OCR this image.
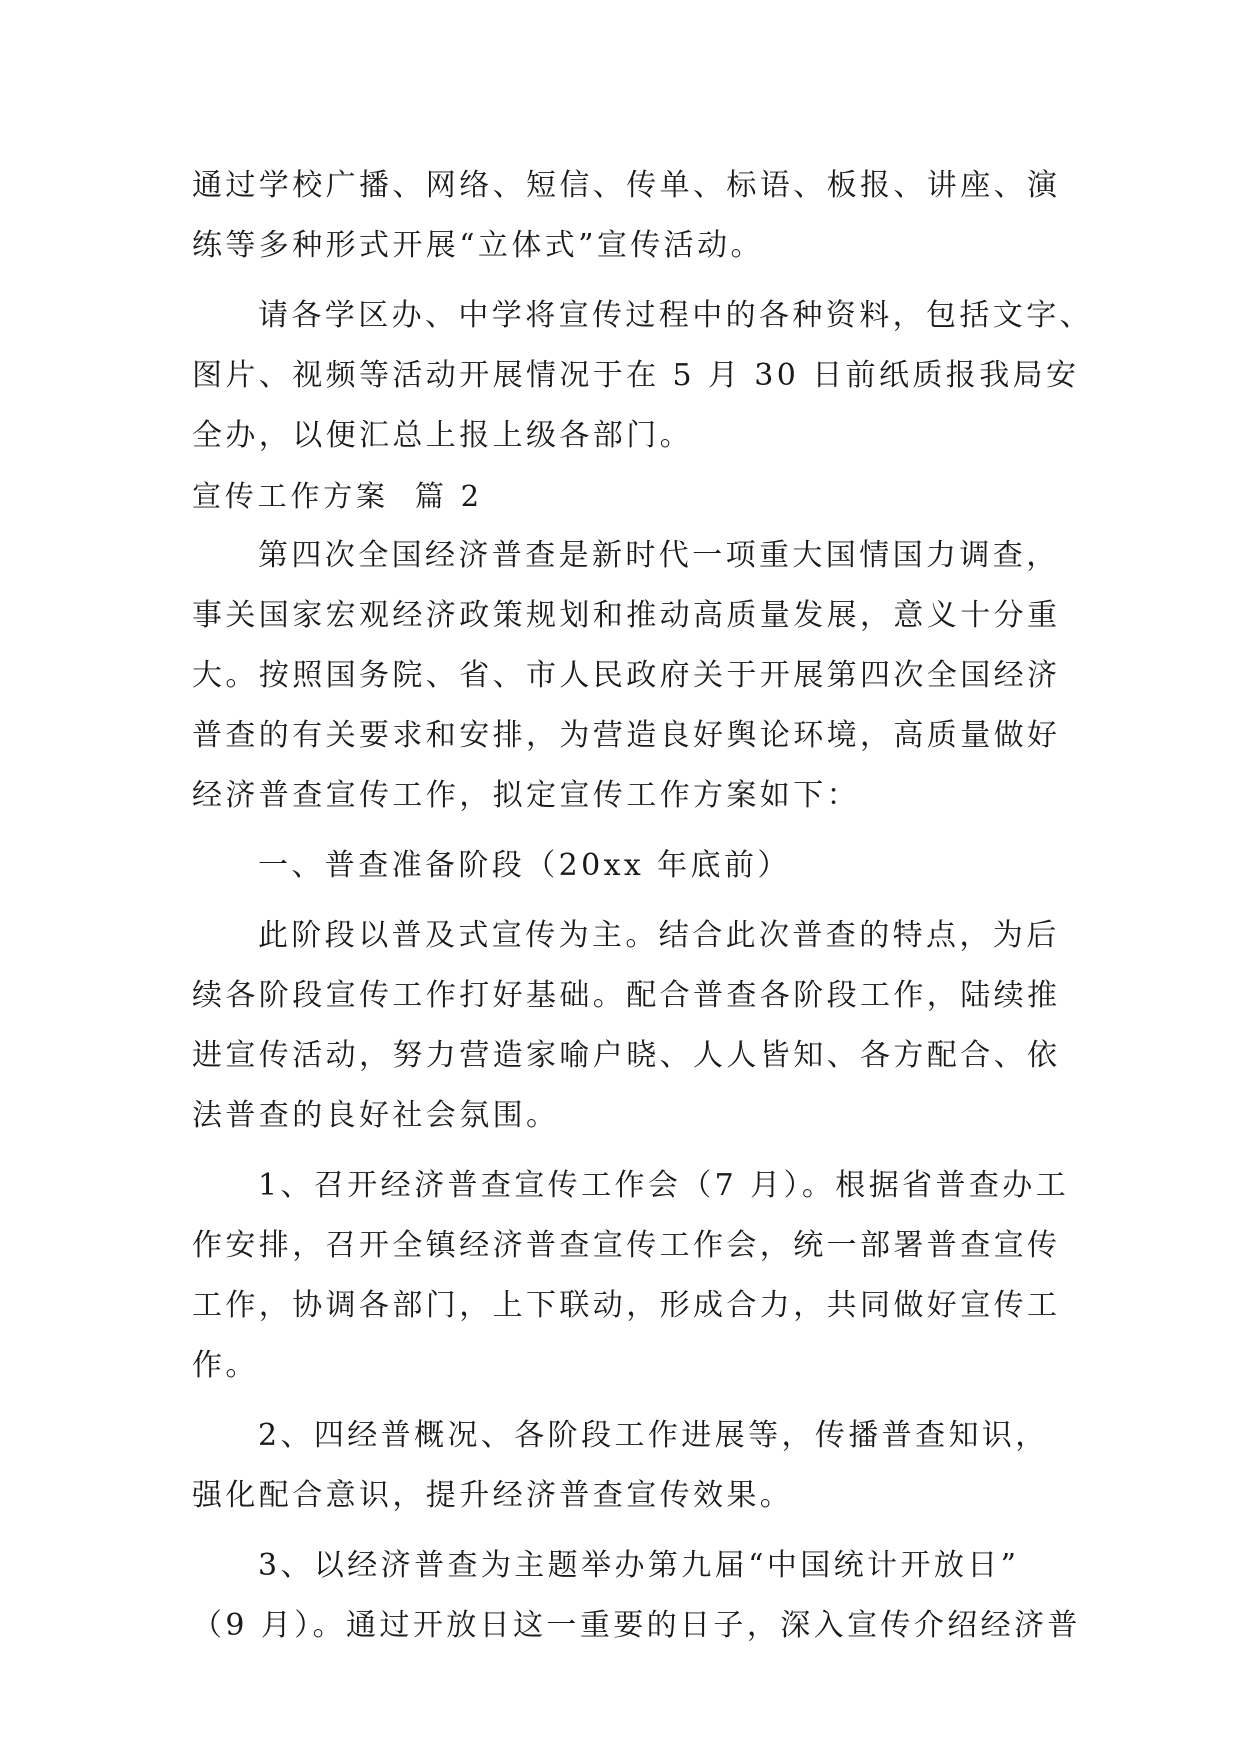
通过学校广播、网络、短信、传单、标语、板报、讲座、演
练等多种形式开展“立体式”宣传活动。

请各学区办、中学将宣传过程中的各种资料，包括文字、
图片、视频等活动开展情况于在 5 月 30 日前纸质报我局安
全办，以便汇总上报上级各部门。

宣传工作方案  篇 2

第四次全国经济普查是新时代一项重大国情国力调查，
事关国家宏观经济政策规划和推动高质量发展，意义十分重
大。按照国务院、省、市人民政府关于开展第四次全国经济
普查的有关要求和安排，为营造良好舆论环境，高质量做好
经济普查宣传工作，拟定宣传工作方案如下：

一、普查准备阶段（20xx 年底前）

此阶段以普及式宣传为主。结合此次普查的特点，为后
续各阶段宣传工作打好基础。配合普查各阶段工作，陆续推
进宣传活动，努力营造家喻户晓、人人皆知、各方配合、依
法普查的良好社会氛围。

1、召开经济普查宣传工作会（7 月）。根据省普查办工
作安排，召开全镇经济普查宣传工作会，统一部署普查宣传
工作，协调各部门，上下联动，形成合力，共同做好宣传工
作。

2、四经普概况、各阶段工作进展等，传播普查知识，
强化配合意识，提升经济普查宣传效果。

3、以经济普查为主题举办第九届“中国统计开放日”
（9 月）。通过开放日这一重要的日子，深入宣传介绍经济普
